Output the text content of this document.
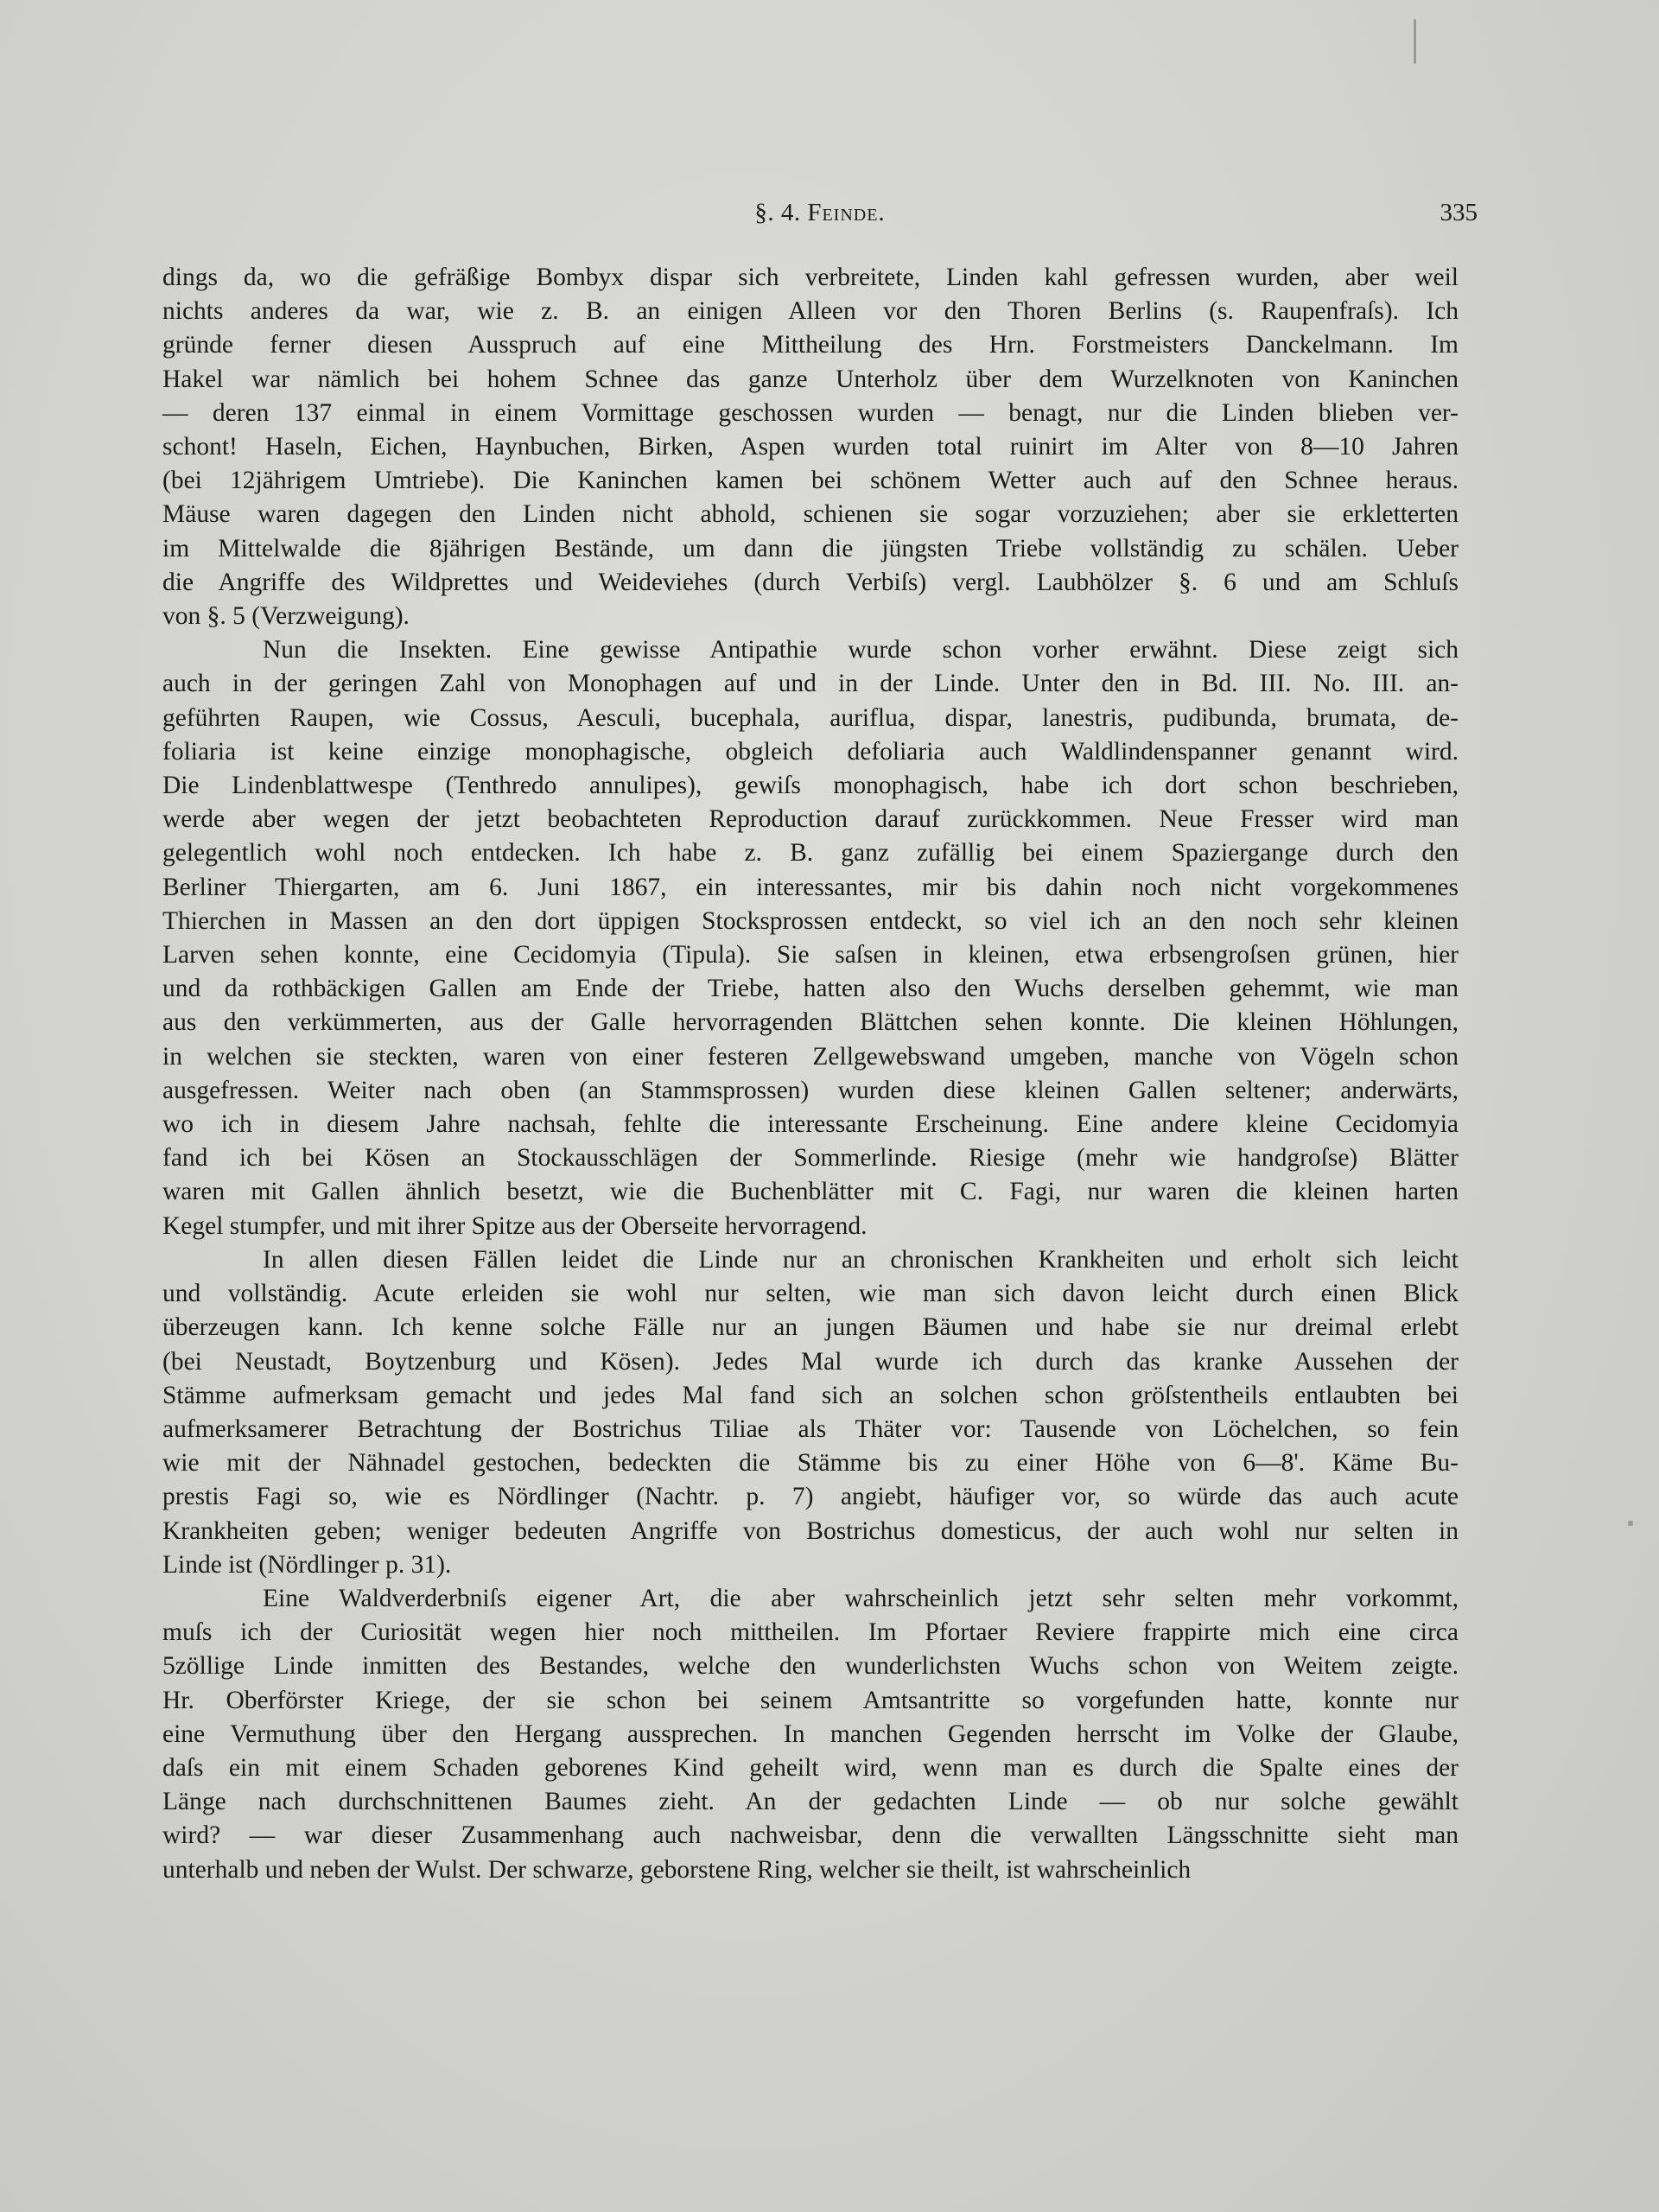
§. 4. Feinde.	335
dings da, wo die gefräßige Bombyx dispar sich verbreitete, Linden kahl gefressen wurden, aber weil
nichts anderes da war, wie z. B. an einigen Alleen vor den Thoren Berlins (s. Raupenfraſs). Ich
gründe ferner diesen Ausspruch auf eine Mittheilung des Hrn. Forstmeisters Danckelmann. Im
Hakel war nämlich bei hohem Schnee das ganze Unterholz über dem Wurzelknoten von Kaninchen
— deren 137 einmal in einem Vormittage geschossen wurden — benagt, nur die Linden blieben ver-
schont! Haseln, Eichen, Haynbuchen, Birken, Aspen wurden total ruinirt im Alter von 8—10 Jahren
(bei 12jährigem Umtriebe). Die Kaninchen kamen bei schönem Wetter auch auf den Schnee heraus.
Mäuse waren dagegen den Linden nicht abhold, schienen sie sogar vorzuziehen; aber sie erkletterten
im Mittelwalde die 8jährigen Bestände, um dann die jüngsten Triebe vollständig zu schälen. Ueber
die Angriffe des Wildprettes und Weideviehes (durch Verbiſs) vergl. Laubhölzer §. 6 und am Schluſs
von §. 5 (Verzweigung).
Nun die Insekten. Eine gewisse Antipathie wurde schon vorher erwähnt. Diese zeigt sich
auch in der geringen Zahl von Monophagen auf und in der Linde. Unter den in Bd. III. No. III. an-
geführten Raupen, wie Cossus, Aesculi, bucephala, auriflua, dispar, lanestris, pudibunda, brumata, de-
foliaria ist keine einzige monophagische, obgleich defoliaria auch Waldlindenspanner genannt wird.
Die Lindenblattwespe (Tenthredo annulipes), gewiſs monophagisch, habe ich dort schon beschrieben,
werde aber wegen der jetzt beobachteten Reproduction darauf zurückkommen. Neue Fresser wird man
gelegentlich wohl noch entdecken. Ich habe z. B. ganz zufällig bei einem Spaziergange durch den
Berliner Thiergarten, am 6. Juni 1867, ein interessantes, mir bis dahin noch nicht vorgekommenes
Thierchen in Massen an den dort üppigen Stocksprossen entdeckt, so viel ich an den noch sehr kleinen
Larven sehen konnte, eine Cecidomyia (Tipula). Sie saſsen in kleinen, etwa erbsengroſsen grünen, hier
und da rothbäckigen Gallen am Ende der Triebe, hatten also den Wuchs derselben gehemmt, wie man
aus den verkümmerten, aus der Galle hervorragenden Blättchen sehen konnte. Die kleinen Höhlungen,
in welchen sie steckten, waren von einer festeren Zellgewebswand umgeben, manche von Vögeln schon
ausgefressen. Weiter nach oben (an Stammsprossen) wurden diese kleinen Gallen seltener; anderwärts,
wo ich in diesem Jahre nachsah, fehlte die interessante Erscheinung. Eine andere kleine Cecidomyia
fand ich bei Kösen an Stockausschlägen der Sommerlinde. Riesige (mehr wie handgroſse) Blätter
waren mit Gallen ähnlich besetzt, wie die Buchenblätter mit C. Fagi, nur waren die kleinen harten
Kegel stumpfer, und mit ihrer Spitze aus der Oberseite hervorragend.
In allen diesen Fällen leidet die Linde nur an chronischen Krankheiten und erholt sich leicht
und vollständig. Acute erleiden sie wohl nur selten, wie man sich davon leicht durch einen Blick
überzeugen kann. Ich kenne solche Fälle nur an jungen Bäumen und habe sie nur dreimal erlebt
(bei Neustadt, Boytzenburg und Kösen). Jedes Mal wurde ich durch das kranke Aussehen der
Stämme aufmerksam gemacht und jedes Mal fand sich an solchen schon gröſstentheils entlaubten bei
aufmerksamerer Betrachtung der Bostrichus Tiliae als Thäter vor: Tausende von Löchelchen, so fein
wie mit der Nähnadel gestochen, bedeckten die Stämme bis zu einer Höhe von 6—8'. Käme Bu-
prestis Fagi so, wie es Nördlinger (Nachtr. p. 7) angiebt, häufiger vor, so würde das auch acute
Krankheiten geben; weniger bedeuten Angriffe von Bostrichus domesticus, der auch wohl nur selten in
Linde ist (Nördlinger p. 31).
Eine Waldverderbniſs eigener Art, die aber wahrscheinlich jetzt sehr selten mehr vorkommt,
muſs ich der Curiosität wegen hier noch mittheilen. Im Pfortaer Reviere frappirte mich eine circa
5zöllige Linde inmitten des Bestandes, welche den wunderlichsten Wuchs schon von Weitem zeigte.
Hr. Oberförster Kriege, der sie schon bei seinem Amtsantritte so vorgefunden hatte, konnte nur
eine Vermuthung über den Hergang aussprechen. In manchen Gegenden herrscht im Volke der Glaube,
daſs ein mit einem Schaden geborenes Kind geheilt wird, wenn man es durch die Spalte eines der
Länge nach durchschnittenen Baumes zieht. An der gedachten Linde — ob nur solche gewählt
wird? — war dieser Zusammenhang auch nachweisbar, denn die verwallten Längsschnitte sieht man
unterhalb und neben der Wulst. Der schwarze, geborstene Ring, welcher sie theilt, ist wahrscheinlich
